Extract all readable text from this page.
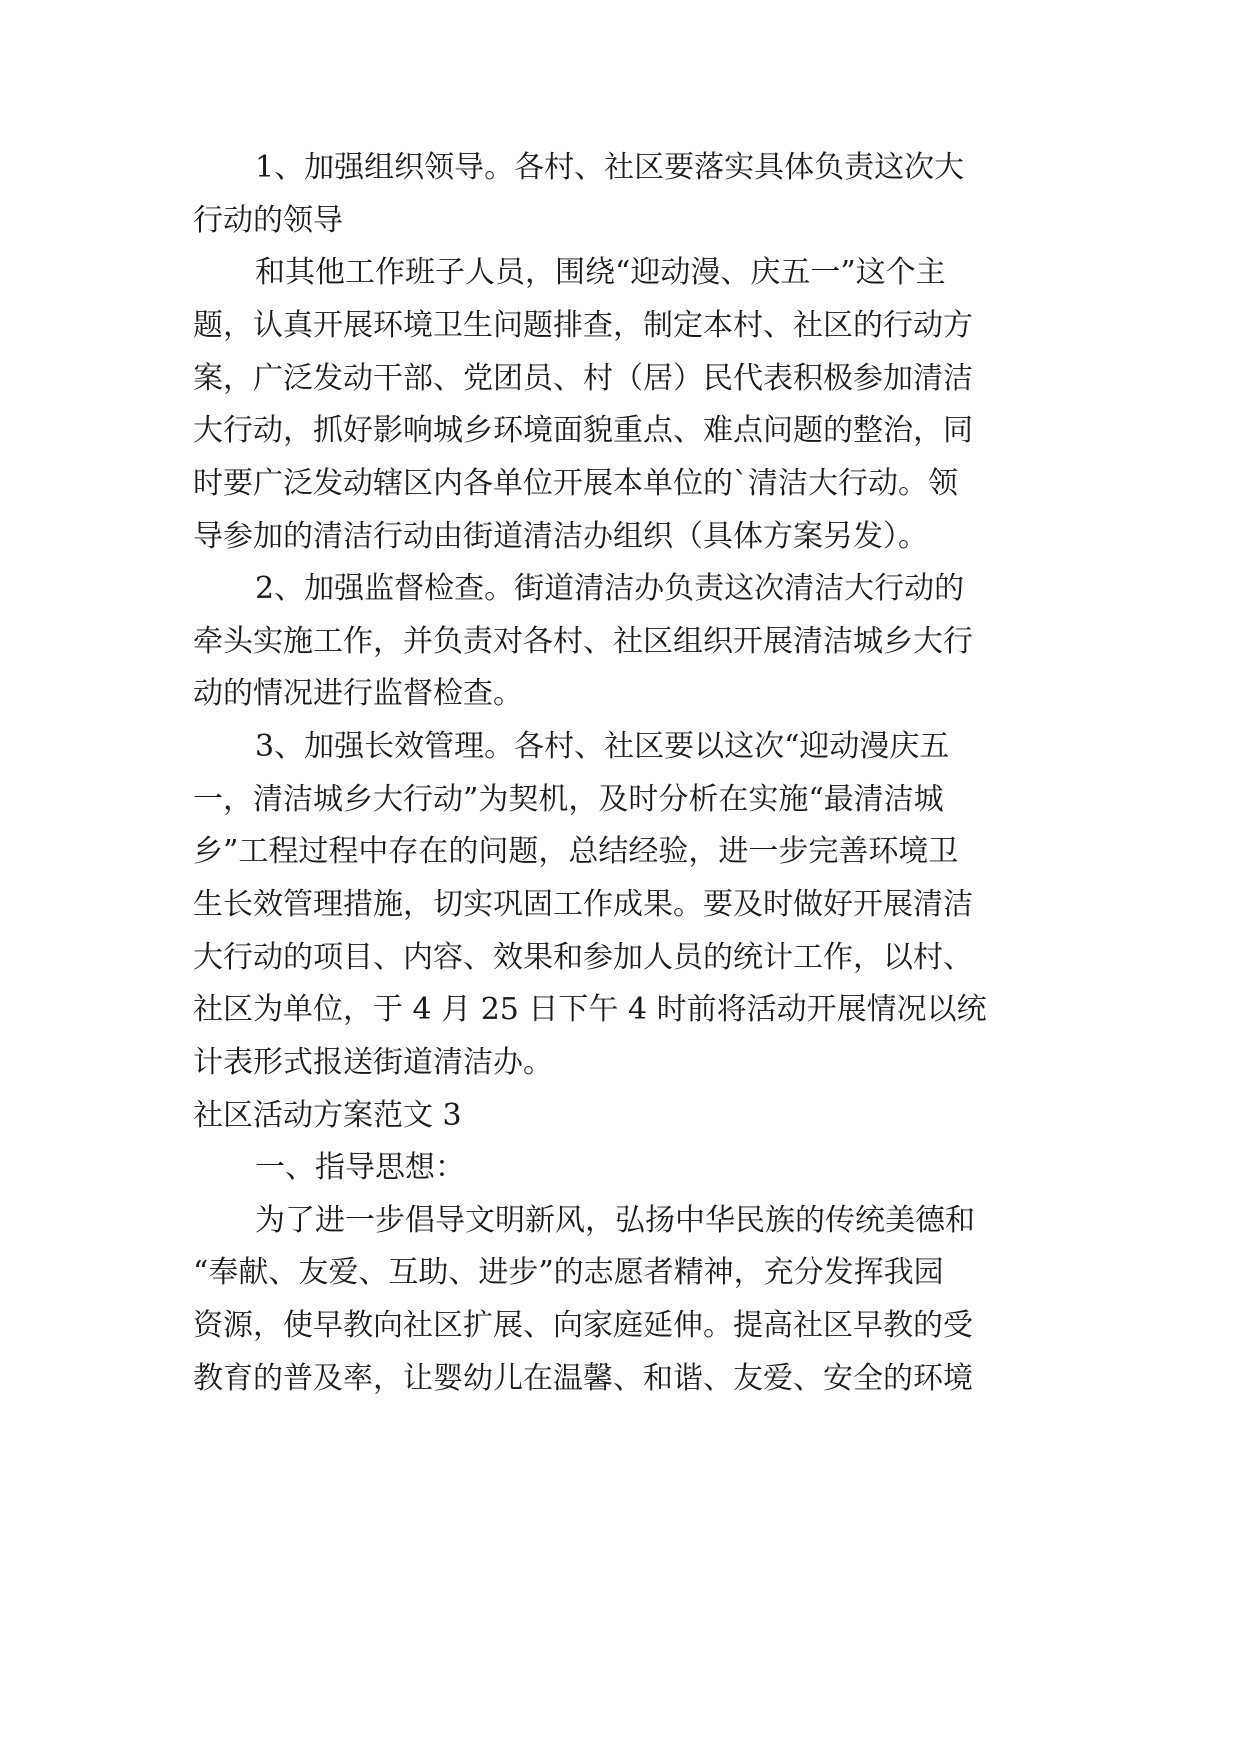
1、加强组织领导。各村、社区要落实具体负责这次大

行动的领导

和其他工作班子人员，围绕“迎动漫、庆五一”这个主

题，认真开展环境卫生问题排查，制定本村、社区的行动方

案，广泛发动干部、党团员、村（居）民代表积极参加清洁

大行动，抓好影响城乡环境面貌重点、难点问题的整治，同

时要广泛发动辖区内各单位开展本单位的`清洁大行动。领

导参加的清洁行动由街道清洁办组织（具体方案另发）。

2、加强监督检查。街道清洁办负责这次清洁大行动的

牵头实施工作，并负责对各村、社区组织开展清洁城乡大行

动的情况进行监督检查。

3、加强长效管理。各村、社区要以这次“迎动漫庆五

一，清洁城乡大行动”为契机，及时分析在实施“最清洁城

乡”工程过程中存在的问题，总结经验，进一步完善环境卫

生长效管理措施，切实巩固工作成果。要及时做好开展清洁

大行动的项目、内容、效果和参加人员的统计工作，以村、

社区为单位，于 4 月 25 日下午 4 时前将活动开展情况以统

计表形式报送街道清洁办。

社区活动方案范文 3

一、指导思想：

为了进一步倡导文明新风，弘扬中华民族的传统美德和

“奉献、友爱、互助、进步”的志愿者精神，充分发挥我园

资源，使早教向社区扩展、向家庭延伸。提高社区早教的受

教育的普及率，让婴幼儿在温馨、和谐、友爱、安全的环境
